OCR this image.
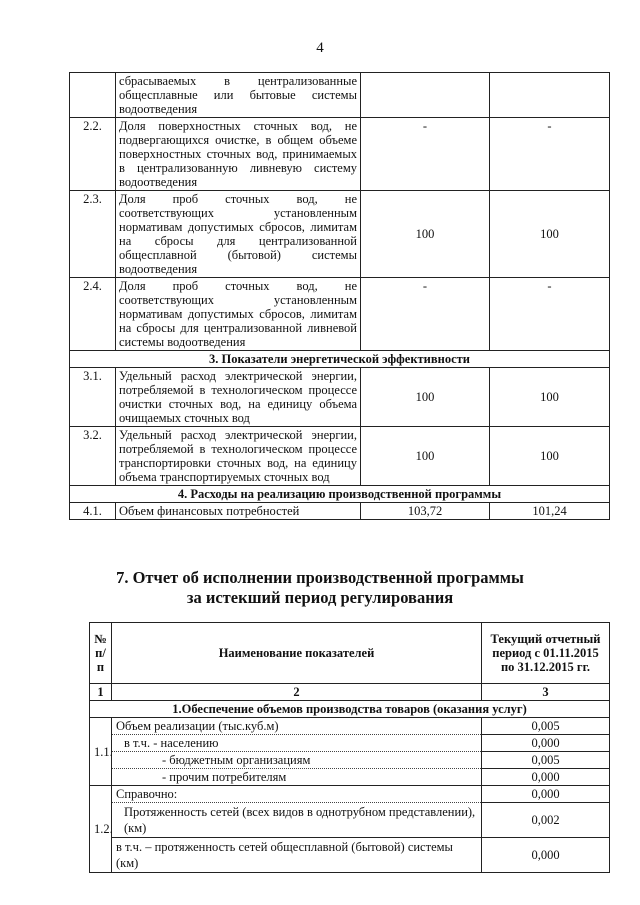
4
	сбрасываемых в централизованные общесплавные или бытовые системы водоотведения		
2.2.	Доля поверхностных сточных вод, не подвергающихся очистке, в общем объеме поверхностных сточных вод, принимаемых в централизованную ливневую систему водоотведения	-	-
2.3.	Доля проб сточных вод, не соответствующих установленным нормативам допустимых сбросов, лимитам на сбросы для централизованной общесплавной (бытовой) системы водоотведения	100	100
2.4.	Доля проб сточных вод, не соответствующих установленным нормативам допустимых сбросов, лимитам на сбросы для централизованной ливневой системы водоотведения	-	-
3. Показатели энергетической эффективности			
3.1.	Удельный расход электрической энергии, потребляемой в технологическом процессе очистки сточных вод, на единицу объема очищаемых сточных вод	100	100
3.2.	Удельный расход электрической энергии, потребляемой в технологическом процессе транспортировки сточных вод, на единицу объема транспортируемых сточных вод	100	100
4. Расходы на реализацию производственной программы			
4.1.	Объем финансовых потребностей	103,72	101,24
7. Отчет об исполнении производственной программы
за истекший период регулирования
№ п/п	Наименование показателей	Текущий отчетный период с 01.11.2015 по 31.12.2015 гг.
1	2	3
1.Обеспечение объемов производства товаров (оказания услуг)		
1.1.	Объем реализации (тыс.куб.м)	0,005
	в т.ч. - населению	0,000
	- бюджетным организациям	0,005
	- прочим потребителям	0,000
1.2.	Справочно:	0,000
	Протяженность сетей (всех видов в однотрубном представлении), (км)	0,002
	в т.ч. – протяженность сетей общесплавной (бытовой) системы (км)	0,000
